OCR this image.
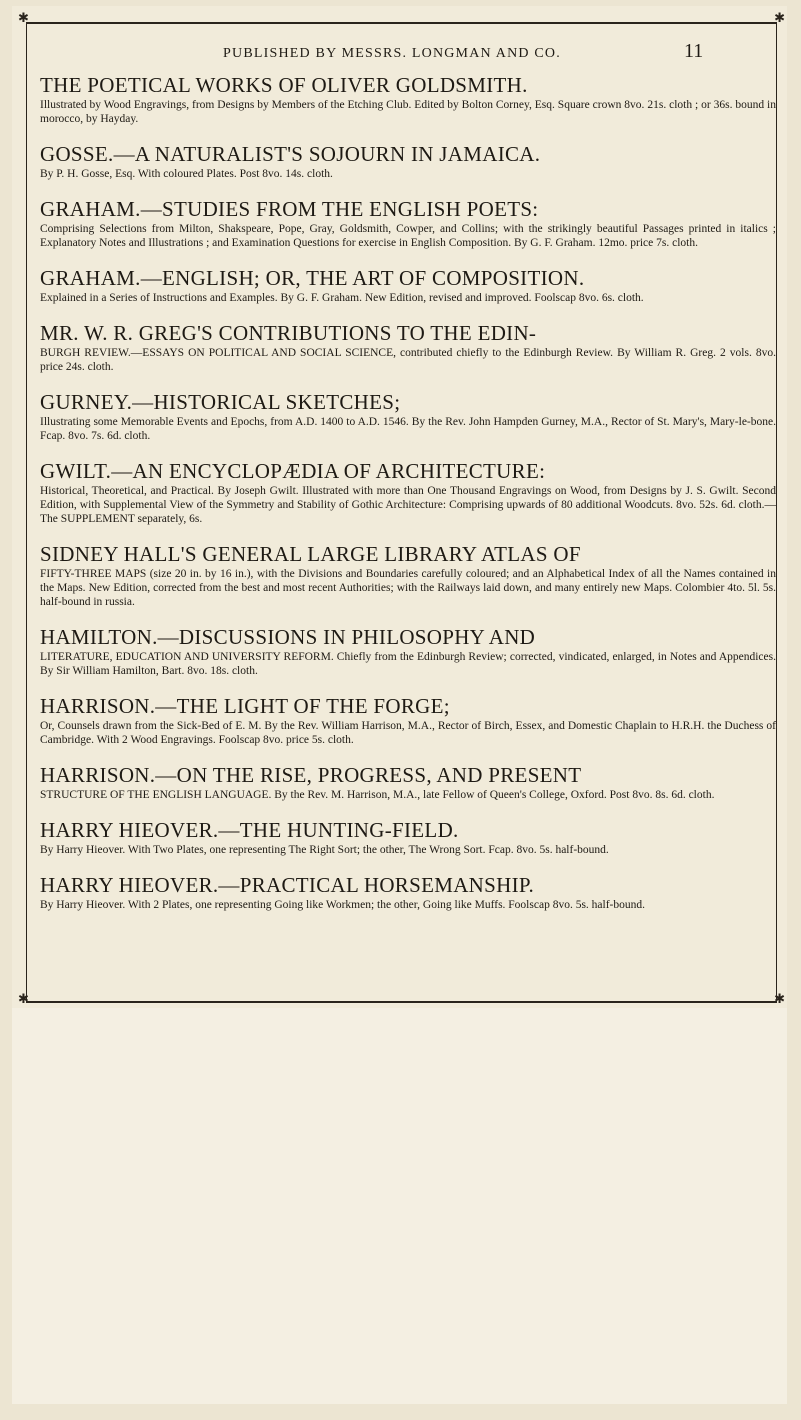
✱	✱
✱	✱
PUBLISHED BY MESSRS. LONGMAN AND CO.	11
THE POETICAL WORKS OF OLIVER GOLDSMITH.

Illustrated by Wood Engravings, from Designs by Members of the Etching Club. Edited by Bolton Corney, Esq. Square crown 8vo. 21s. cloth ; or 36s. bound in morocco, by Hayday.

GOSSE.—A NATURALIST'S SOJOURN IN JAMAICA.

By P. H. Gosse, Esq. With coloured Plates. Post 8vo. 14s. cloth.

GRAHAM.—STUDIES FROM THE ENGLISH POETS:

Comprising Selections from Milton, Shakspeare, Pope, Gray, Goldsmith, Cowper, and Collins; with the strikingly beautiful Passages printed in italics ; Explanatory Notes and Illustrations ; and Examination Questions for exercise in English Composition. By G. F. Graham. 12mo. price 7s. cloth.

GRAHAM.—ENGLISH; OR, THE ART OF COMPOSITION.

Explained in a Series of Instructions and Examples. By G. F. Graham. New Edition, revised and improved. Foolscap 8vo. 6s. cloth.

MR. W. R. GREG'S CONTRIBUTIONS TO THE EDIN-

BURGH REVIEW.—ESSAYS ON POLITICAL AND SOCIAL SCIENCE, contributed chiefly to the Edinburgh Review. By William R. Greg. 2 vols. 8vo. price 24s. cloth.

GURNEY.—HISTORICAL SKETCHES;

Illustrating some Memorable Events and Epochs, from A.D. 1400 to A.D. 1546. By the Rev. John Hampden Gurney, M.A., Rector of St. Mary's, Mary-le-bone. Fcap. 8vo. 7s. 6d. cloth.

GWILT.—AN ENCYCLOPÆDIA OF ARCHITECTURE:

Historical, Theoretical, and Practical. By Joseph Gwilt. Illustrated with more than One Thousand Engravings on Wood, from Designs by J. S. Gwilt. Second Edition, with Supplemental View of the Symmetry and Stability of Gothic Architecture: Comprising upwards of 80 additional Woodcuts. 8vo. 52s. 6d. cloth.—The SUPPLEMENT separately, 6s.

SIDNEY HALL'S GENERAL LARGE LIBRARY ATLAS OF

FIFTY-THREE MAPS (size 20 in. by 16 in.), with the Divisions and Boundaries carefully coloured; and an Alphabetical Index of all the Names contained in the Maps. New Edition, corrected from the best and most recent Authorities; with the Railways laid down, and many entirely new Maps. Colombier 4to. 5l. 5s. half-bound in russia.

HAMILTON.—DISCUSSIONS IN PHILOSOPHY AND

LITERATURE, EDUCATION AND UNIVERSITY REFORM. Chiefly from the Edinburgh Review; corrected, vindicated, enlarged, in Notes and Appendices. By Sir William Hamilton, Bart. 8vo. 18s. cloth.

HARRISON.—THE LIGHT OF THE FORGE;

Or, Counsels drawn from the Sick-Bed of E. M. By the Rev. William Harrison, M.A., Rector of Birch, Essex, and Domestic Chaplain to H.R.H. the Duchess of Cambridge. With 2 Wood Engravings. Foolscap 8vo. price 5s. cloth.

HARRISON.—ON THE RISE, PROGRESS, AND PRESENT

STRUCTURE OF THE ENGLISH LANGUAGE. By the Rev. M. Harrison, M.A., late Fellow of Queen's College, Oxford. Post 8vo. 8s. 6d. cloth.

HARRY HIEOVER.—THE HUNTING-FIELD.

By Harry Hieover. With Two Plates, one representing The Right Sort; the other, The Wrong Sort. Fcap. 8vo. 5s. half-bound.

HARRY HIEOVER.—PRACTICAL HORSEMANSHIP.

By Harry Hieover. With 2 Plates, one representing Going like Workmen; the other, Going like Muffs. Foolscap 8vo. 5s. half-bound.
